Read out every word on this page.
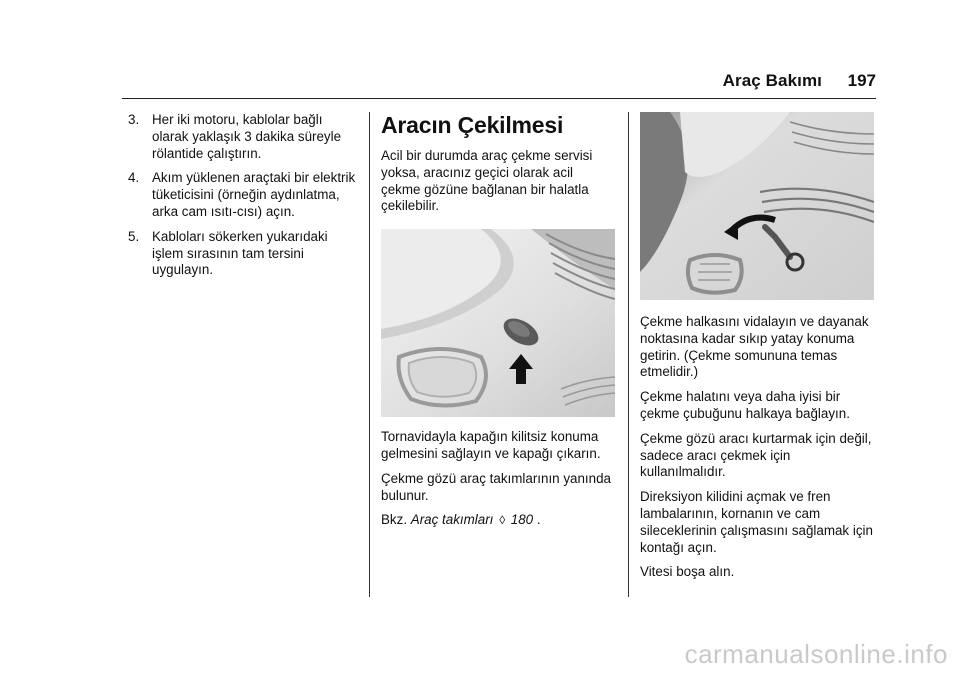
Araç Bakımı 197
3. Her iki motoru, kablolar bağlı olarak yaklaşık 3 dakika süreyle rölantide çalıştırın.
4. Akım yüklenen araçtaki bir elektrik tüketicisini (örneğin aydınlatma, arka cam ısıtı-cısı) açın.
5. Kabloları sökerken yukarıdaki işlem sırasının tam tersini uygulayın.
Aracın Çekilmesi

Acil bir durumda araç çekme servisi yoksa, aracınız geçici olarak acil çekme gözüne bağlanan bir halatla çekilebilir.

Tornavidayla kapağın kilitsiz konuma gelmesini sağlayın ve kapağı çıkarın.

Çekme gözü araç takımlarının yanında bulunur.

Bkz. Araç takımları ◊ 180 .

Çekme halkasını vidalayın ve dayanak noktasına kadar sıkıp yatay konuma getirin. (Çekme somununa temas etmelidir.)

Çekme halatını veya daha iyisi bir çekme çubuğunu halkaya bağlayın.

Çekme gözü aracı kurtarmak için değil, sadece aracı çekmek için kullanılmalıdır.

Direksiyon kilidini açmak ve fren lambalarının, kornanın ve cam sileceklerinin çalışmasını sağlamak için kontağı açın.

Vitesi boşa alın.

carmanualsonline.info
